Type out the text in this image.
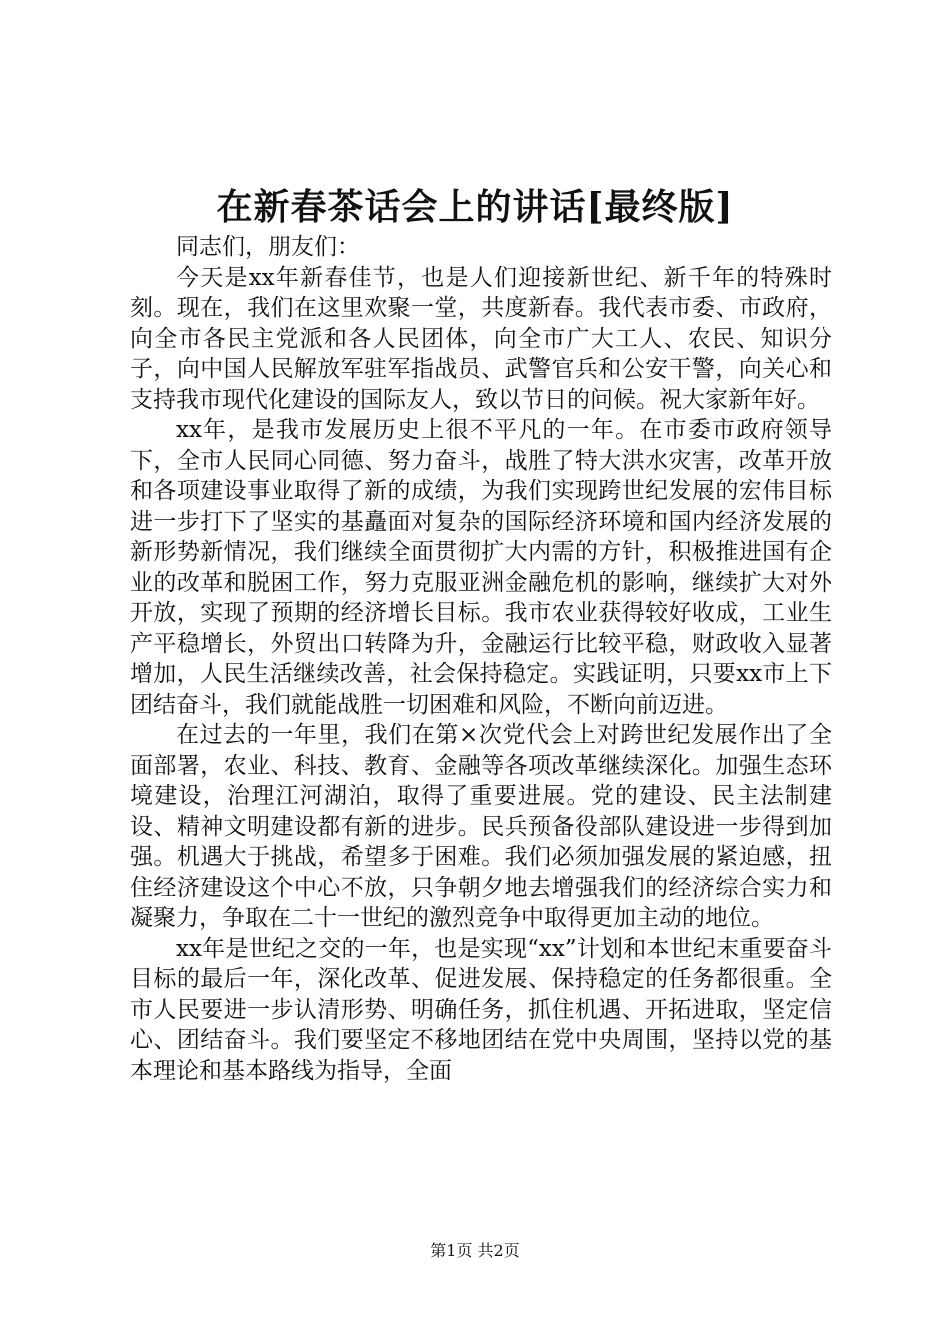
在新春茶话会上的讲话[最终版]

同志们，朋友们：

今天是xx年新春佳节，也是人们迎接新世纪、新千年的特殊时刻。现在，我们在这里欢聚一堂，共度新春。我代表市委、市政府，向全市各民主党派和各人民团体，向全市广大工人、农民、知识分子，向中国人民解放军驻军指战员、武警官兵和公安干警，向关心和支持我市现代化建设的国际友人，致以节日的问候。祝大家新年好。

xx年，是我市发展历史上很不平凡的一年。在市委市政府领导下，全市人民同心同德、努力奋斗，战胜了特大洪水灾害，改革开放和各项建设事业取得了新的成绩，为我们实现跨世纪发展的宏伟目标进一步打下了坚实的基矗面对复杂的国际经济环境和国内经济发展的新形势新情况，我们继续全面贯彻扩大内需的方针，积极推进国有企业的改革和脱困工作，努力克服亚洲金融危机的影响，继续扩大对外开放，实现了预期的经济增长目标。我市农业获得较好收成，工业生产平稳增长，外贸出口转降为升，金融运行比较平稳，财政收入显著增加，人民生活继续改善，社会保持稳定。实践证明，只要xx市上下团结奋斗，我们就能战胜一切困难和风险，不断向前迈进。

在过去的一年里，我们在第×次党代会上对跨世纪发展作出了全面部署，农业、科技、教育、金融等各项改革继续深化。加强生态环境建设，治理江河湖泊，取得了重要进展。党的建设、民主法制建设、精神文明建设都有新的进步。民兵预备役部队建设进一步得到加强。机遇大于挑战，希望多于困难。我们必须加强发展的紧迫感，扭住经济建设这个中心不放，只争朝夕地去增强我们的经济综合实力和凝聚力，争取在二十一世纪的激烈竞争中取得更加主动的地位。

xx年是世纪之交的一年，也是实现“xx”计划和本世纪末重要奋斗目标的最后一年，深化改革、促进发展、保持稳定的任务都很重。全市人民要进一步认清形势、明确任务，抓住机遇、开拓进取，坚定信心、团结奋斗。我们要坚定不移地团结在党中央周围，坚持以党的基本理论和基本路线为指导，全面

第1页 共2页
